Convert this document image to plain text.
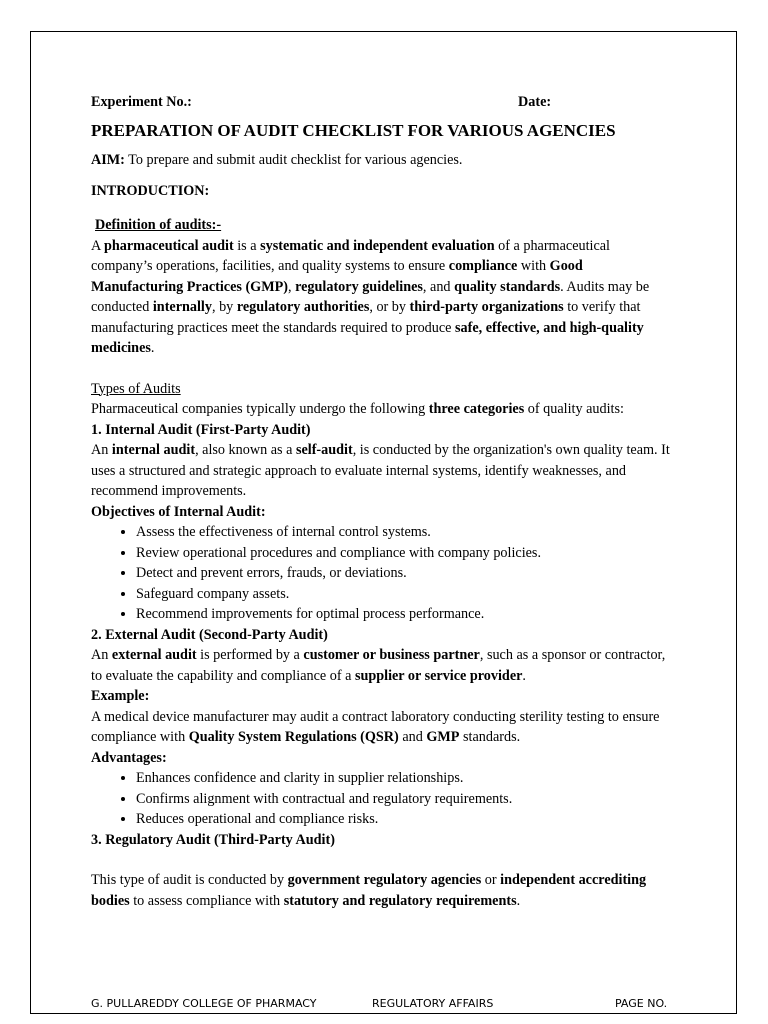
Experiment No.:	Date:
PREPARATION OF AUDIT CHECKLIST FOR VARIOUS AGENCIES
AIM: To prepare and submit audit checklist for various agencies.
INTRODUCTION:
Definition of audits:-

A pharmaceutical audit is a systematic and independent evaluation of a pharmaceutical company’s operations, facilities, and quality systems to ensure compliance with Good Manufacturing Practices (GMP), regulatory guidelines, and quality standards. Audits may be conducted internally, by regulatory authorities, or by third-party organizations to verify that manufacturing practices meet the standards required to produce safe, effective, and high-quality medicines.

Types of Audits

Pharmaceutical companies typically undergo the following three categories of quality audits:

1. Internal Audit (First-Party Audit)

An internal audit, also known as a self-audit, is conducted by the organization's own quality team. It uses a structured and strategic approach to evaluate internal systems, identify weaknesses, and recommend improvements.

Objectives of Internal Audit:
• Assess the effectiveness of internal control systems.
• Review operational procedures and compliance with company policies.
• Detect and prevent errors, frauds, or deviations.
• Safeguard company assets.
• Recommend improvements for optimal process performance.
2. External Audit (Second-Party Audit)

An external audit is performed by a customer or business partner, such as a sponsor or contractor, to evaluate the capability and compliance of a supplier or service provider.

Example:

A medical device manufacturer may audit a contract laboratory conducting sterility testing to ensure compliance with Quality System Regulations (QSR) and GMP standards.

Advantages:
• Enhances confidence and clarity in supplier relationships.
• Confirms alignment with contractual and regulatory requirements.
• Reduces operational and compliance risks.
3. Regulatory Audit (Third-Party Audit)

This type of audit is conducted by government regulatory agencies or independent accrediting bodies to assess compliance with statutory and regulatory requirements.

G. PULLAREDDY COLLEGE OF PHARMACY	REGULATORY AFFAIRS	PAGE NO.
